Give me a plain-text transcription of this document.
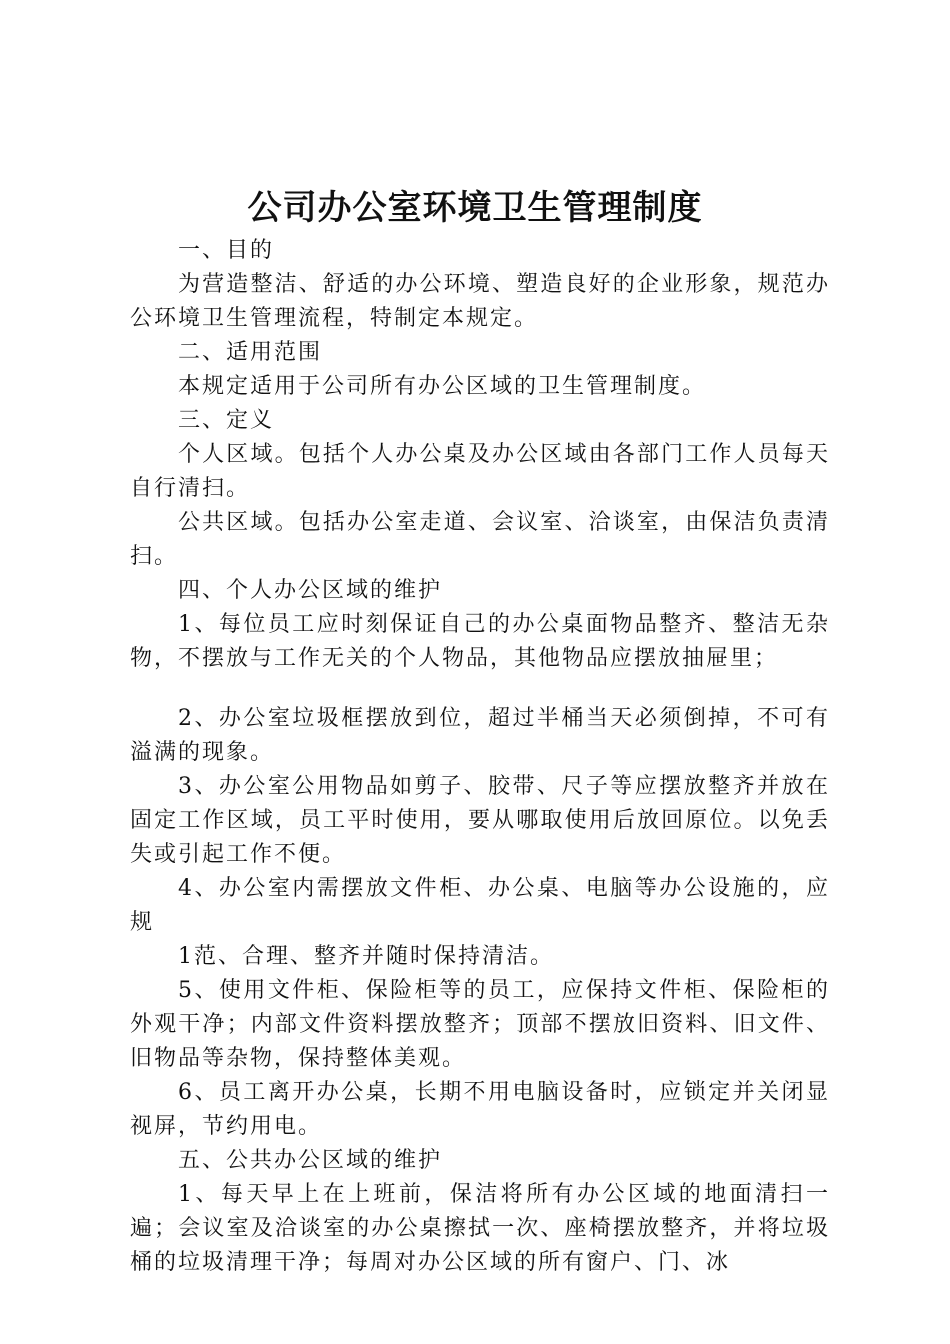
公司办公室环境卫生管理制度

一、目的

为营造整洁、舒适的办公环境、塑造良好的企业形象，规范办公环境卫生管理流程，特制定本规定。

二、适用范围

本规定适用于公司所有办公区域的卫生管理制度。

三、定义

个人区域。包括个人办公桌及办公区域由各部门工作人员每天自行清扫。

公共区域。包括办公室走道、会议室、洽谈室，由保洁负责清扫。

四、个人办公区域的维护

1、每位员工应时刻保证自己的办公桌面物品整齐、整洁无杂物，不摆放与工作无关的个人物品，其他物品应摆放抽屉里；

2、办公室垃圾框摆放到位，超过半桶当天必须倒掉，不可有溢满的现象。

3、办公室公用物品如剪子、胶带、尺子等应摆放整齐并放在固定工作区域，员工平时使用，要从哪取使用后放回原位。以免丢失或引起工作不便。

4、办公室内需摆放文件柜、办公桌、电脑等办公设施的，应规

1范、合理、整齐并随时保持清洁。

5、使用文件柜、保险柜等的员工，应保持文件柜、保险柜的外观干净；内部文件资料摆放整齐；顶部不摆放旧资料、旧文件、旧物品等杂物，保持整体美观。

6、员工离开办公桌，长期不用电脑设备时，应锁定并关闭显视屏，节约用电。

五、公共办公区域的维护

1、每天早上在上班前，保洁将所有办公区域的地面清扫一遍；会议室及洽谈室的办公桌擦拭一次、座椅摆放整齐，并将垃圾桶的垃圾清理干净；每周对办公区域的所有窗户、门、冰
